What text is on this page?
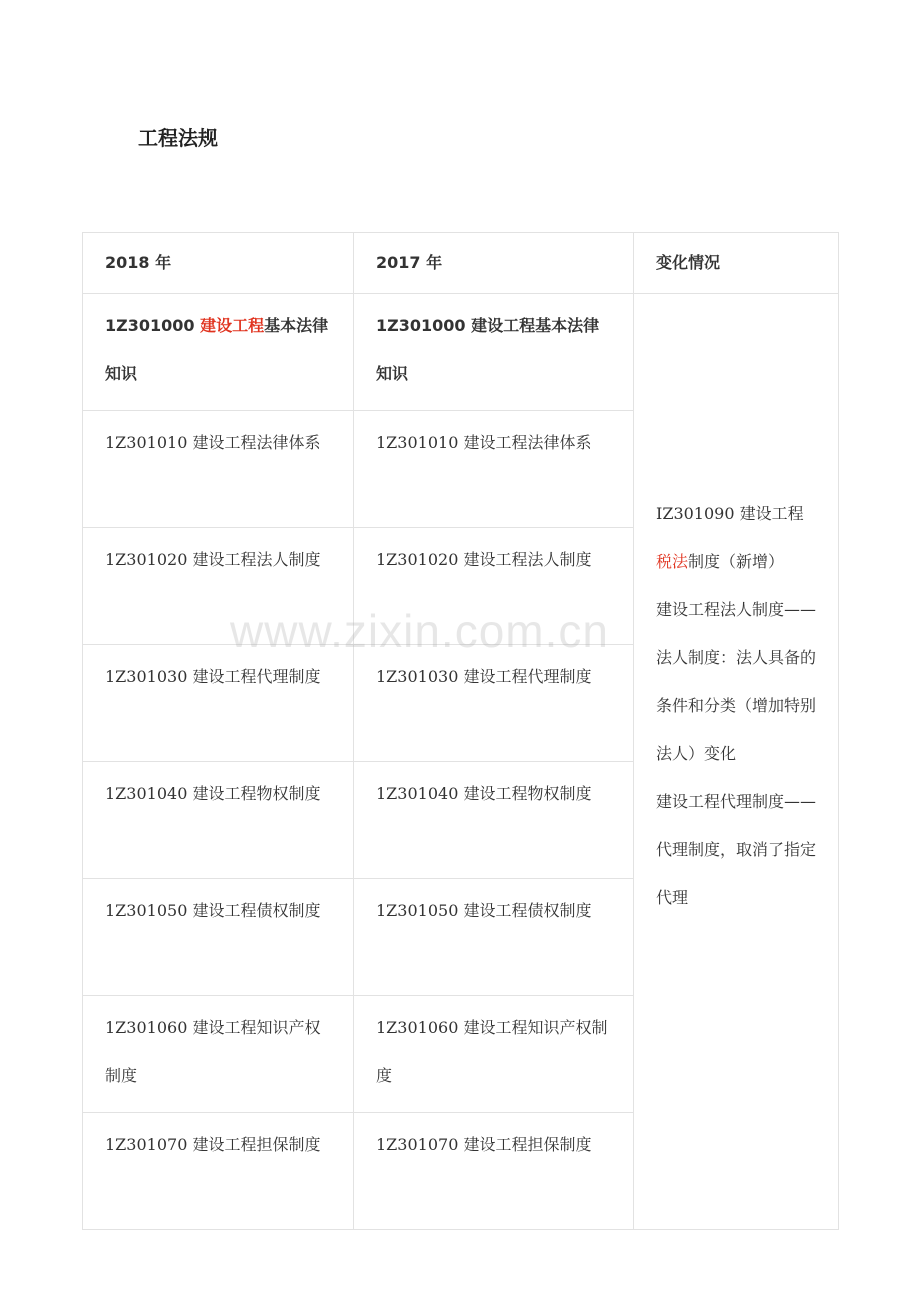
工程法规
2018 年	2017 年	变化情况
1Z301000 建设工程基本法律知识	1Z301000 建设工程基本法律知识	IZ301090 建设工程税法制度（新增）
建设工程法人制度——法人制度：法人具备的条件和分类（增加特别法人）变化
建设工程代理制度——代理制度，取消了指定代理

1Z301010 建设工程法律体系	1Z301010 建设工程法律体系	
1Z301020 建设工程法人制度	1Z301020 建设工程法人制度	
1Z301030 建设工程代理制度	1Z301030 建设工程代理制度	
1Z301040 建设工程物权制度	1Z301040 建设工程物权制度	
1Z301050 建设工程债权制度	1Z301050 建设工程债权制度	
1Z301060 建设工程知识产权制度	1Z301060 建设工程知识产权制度	
1Z301070 建设工程担保制度	1Z301070 建设工程担保制度	
www.zixin.com.cn
